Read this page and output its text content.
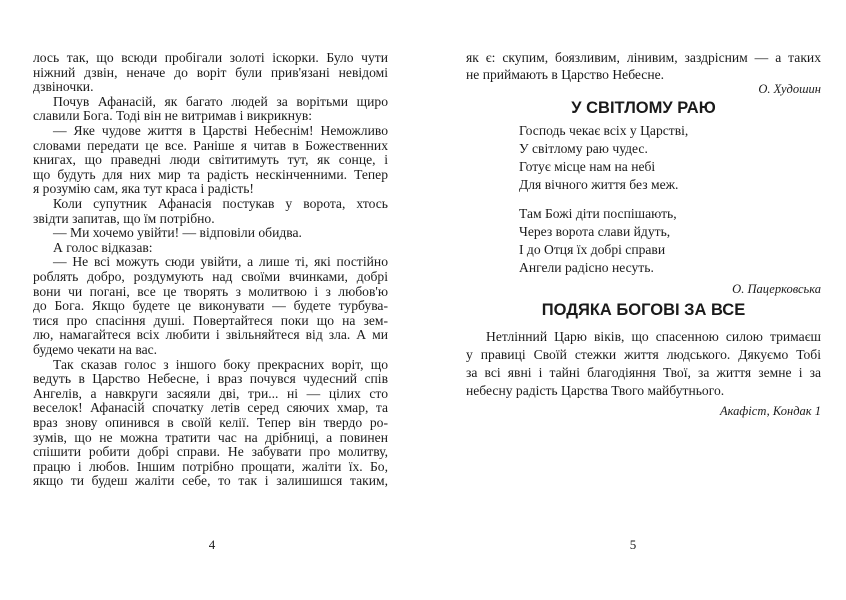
лось так, що всюди пробігали золоті іскорки. Було чути
ніжний дзвін, неначе до воріт були прив'язані невідомі
дзвіночки.
Почув Афанасій, як багато людей за ворітьми щиро
славили Бога. Тоді він не витримав і викрикнув:
— Яке чудове життя в Царстві Небеснім! Неможливо
словами передати це все. Раніше я читав в Божественних
книгах, що праведні люди світитимуть тут, як сонце, і
що будуть для них мир та радість нескінченними. Тепер
я розумію сам, яка тут краса і радість!
Коли супутник Афанасія постукав у ворота, хтось
звідти запитав, що їм потрібно.
— Ми хочемо увійти! — відповіли обидва.
А голос відказав:
— Не всі можуть сюди увійти, а лише ті, які постійно
роблять добро, роздумують над своїми вчинками, добрі
вони чи погані, все це творять з молитвою і з любов'ю
до Бога. Якщо будете це виконувати — будете турбува-
тися про спасіння душі. Повертайтеся поки що на зем-
лю, намагайтеся всіх любити і звільняйтеся від зла. А ми
будемо чекати на вас.
Так сказав голос з іншого боку прекрасних воріт, що
ведуть в Царство Небесне, і враз почувся чудесний спів
Ангелів, а навкруги засяяли дві, три... ні — цілих сто
веселок! Афанасій спочатку летів серед сяючих хмар, та
враз знову опинився в своїй келії. Тепер він твердо ро-
зумів, що не можна тратити час на дрібниці, а повинен
спішити робити добрі справи. Не забувати про молитву,
працю і любов. Іншим потрібно прощати, жаліти їх. Бо,
якщо ти будеш жаліти себе, то так і залишишся таким,
4
як є: скупим, боязливим, лінивим, заздрісним — а таких
не приймають в Царство Небесне.
О. Худошин
У СВІТЛОМУ РАЮ
Господь чекає всіх у Царстві,
У світлому раю чудес.
Готує місце нам на небі
Для вічного життя без меж.
Там Божі діти поспішають,
Через ворота слави йдуть,
І до Отця їх добрі справи
Ангели радісно несуть.
О. Пацерковська
ПОДЯКА БОГОВІ ЗА ВСЕ
Нетлінний Царю віків, що спасенною силою тримаєш
у правиці Своїй стежки життя людського. Дякуємо Тобі
за всі явні і тайні благодіяння Твої, за життя земне і за
небесну радість Царства Твого майбутнього.
Акафіст, Кондак 1
5
